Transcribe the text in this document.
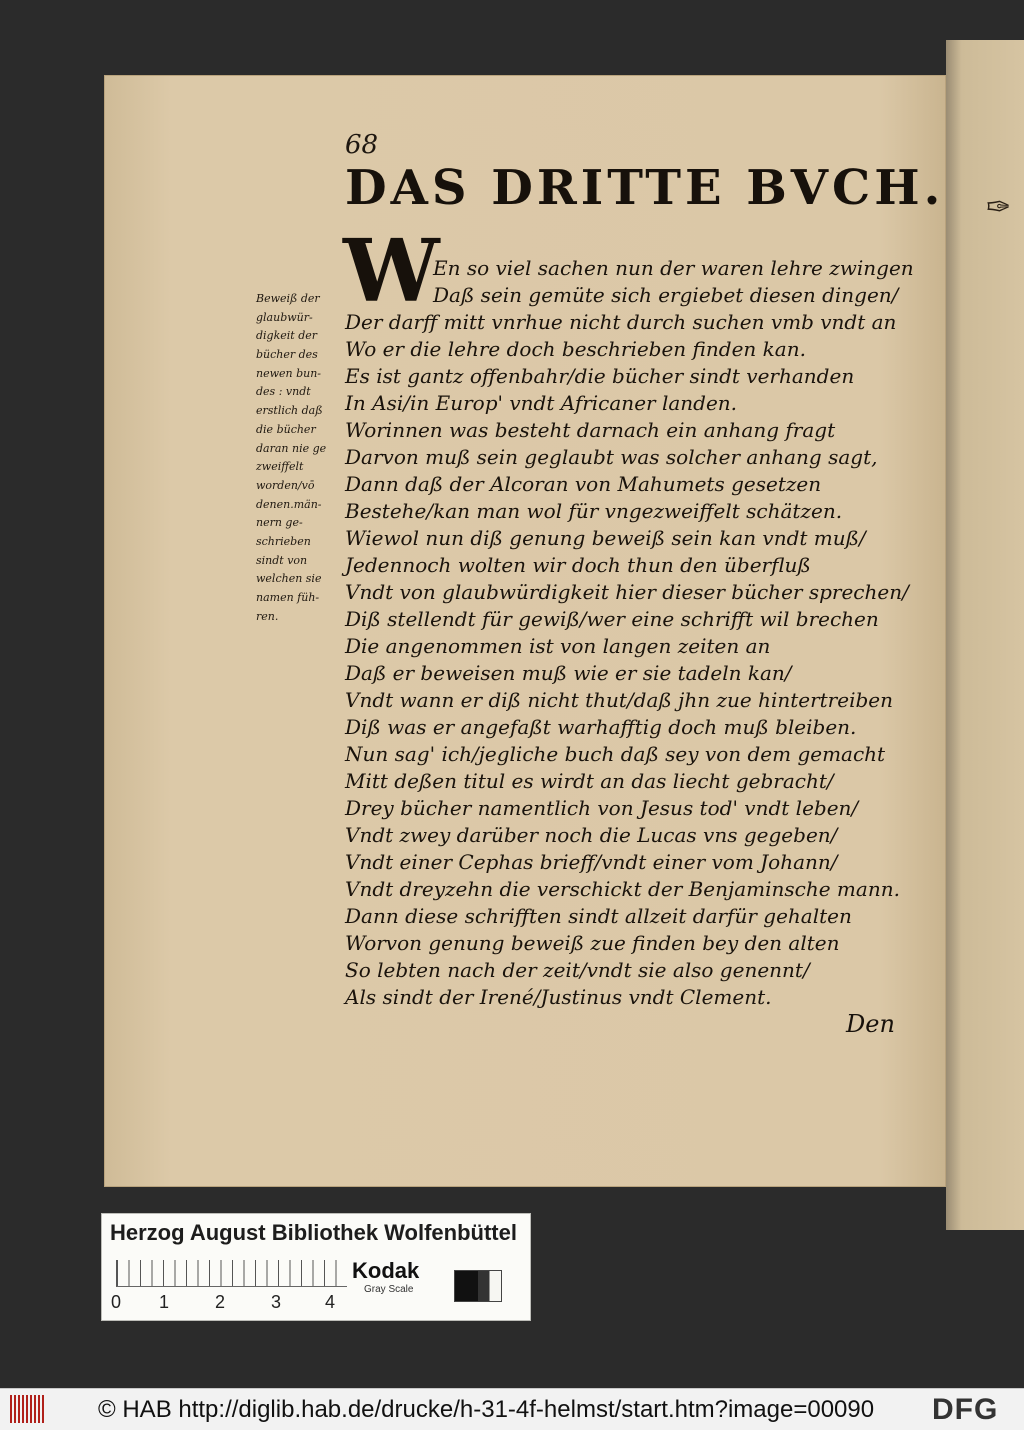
✑
68
DAS DRITTE BVCH.
W
Beweiß der
glaubwür-
digkeit der
bücher des
newen bun-
des : vndt
erstlich daß
die bücher
daran nie ge
zweiffelt
worden/vō
denen.män-
nern ge-
schrieben
sindt von
welchen sie
namen füh-
ren.
En so viel sachen nun der waren lehre zwingen
Daß sein gemüte sich ergiebet diesen dingen/
Der darff mitt vnrhue nicht durch suchen vmb vndt an
Wo er die lehre doch beschrieben finden kan.
Es ist gantz offenbahr/die bücher sindt verhanden
In Asi/in Europ' vndt Africaner landen.
Worinnen was besteht darnach ein anhang fragt
Darvon muß sein geglaubt was solcher anhang sagt,
Dann daß der Alcoran von Mahumets gesetzen
Bestehe/kan man wol für vngezweiffelt schätzen.
Wiewol nun diß genung beweiß sein kan vndt muß/
Jedennoch wolten wir doch thun den überfluß
Vndt von glaubwürdigkeit hier dieser bücher sprechen/
Diß stellendt für gewiß/wer eine schrifft wil brechen
Die angenommen ist von langen zeiten an
Daß er beweisen muß wie er sie tadeln kan/
Vndt wann er diß nicht thut/daß jhn zue hintertreiben
Diß was er angefaßt warhafftig doch muß bleiben.
Nun sag' ich/jegliche buch daß sey von dem gemacht
Mitt deßen titul es wirdt an das liecht gebracht/
Drey bücher namentlich von Jesus tod' vndt leben/
Vndt zwey darüber noch die Lucas vns gegeben/
Vndt einer Cephas brieff/vndt einer vom Johann/
Vndt dreyzehn die verschickt der Benjaminsche mann.
Dann diese schrifften sindt allzeit darfür gehalten
Worvon genung beweiß zue finden bey den alten
So lebten nach der zeit/vndt sie also genennt/
Als sindt der Irené/Justinus vndt Clement.
Den
Herzog August Bibliothek Wolfenbüttel
0 1	2	3 4
Kodak
Gray Scale
© HAB http://diglib.hab.de/drucke/h-31-4f-helmst/start.htm?image=00090 DFG
